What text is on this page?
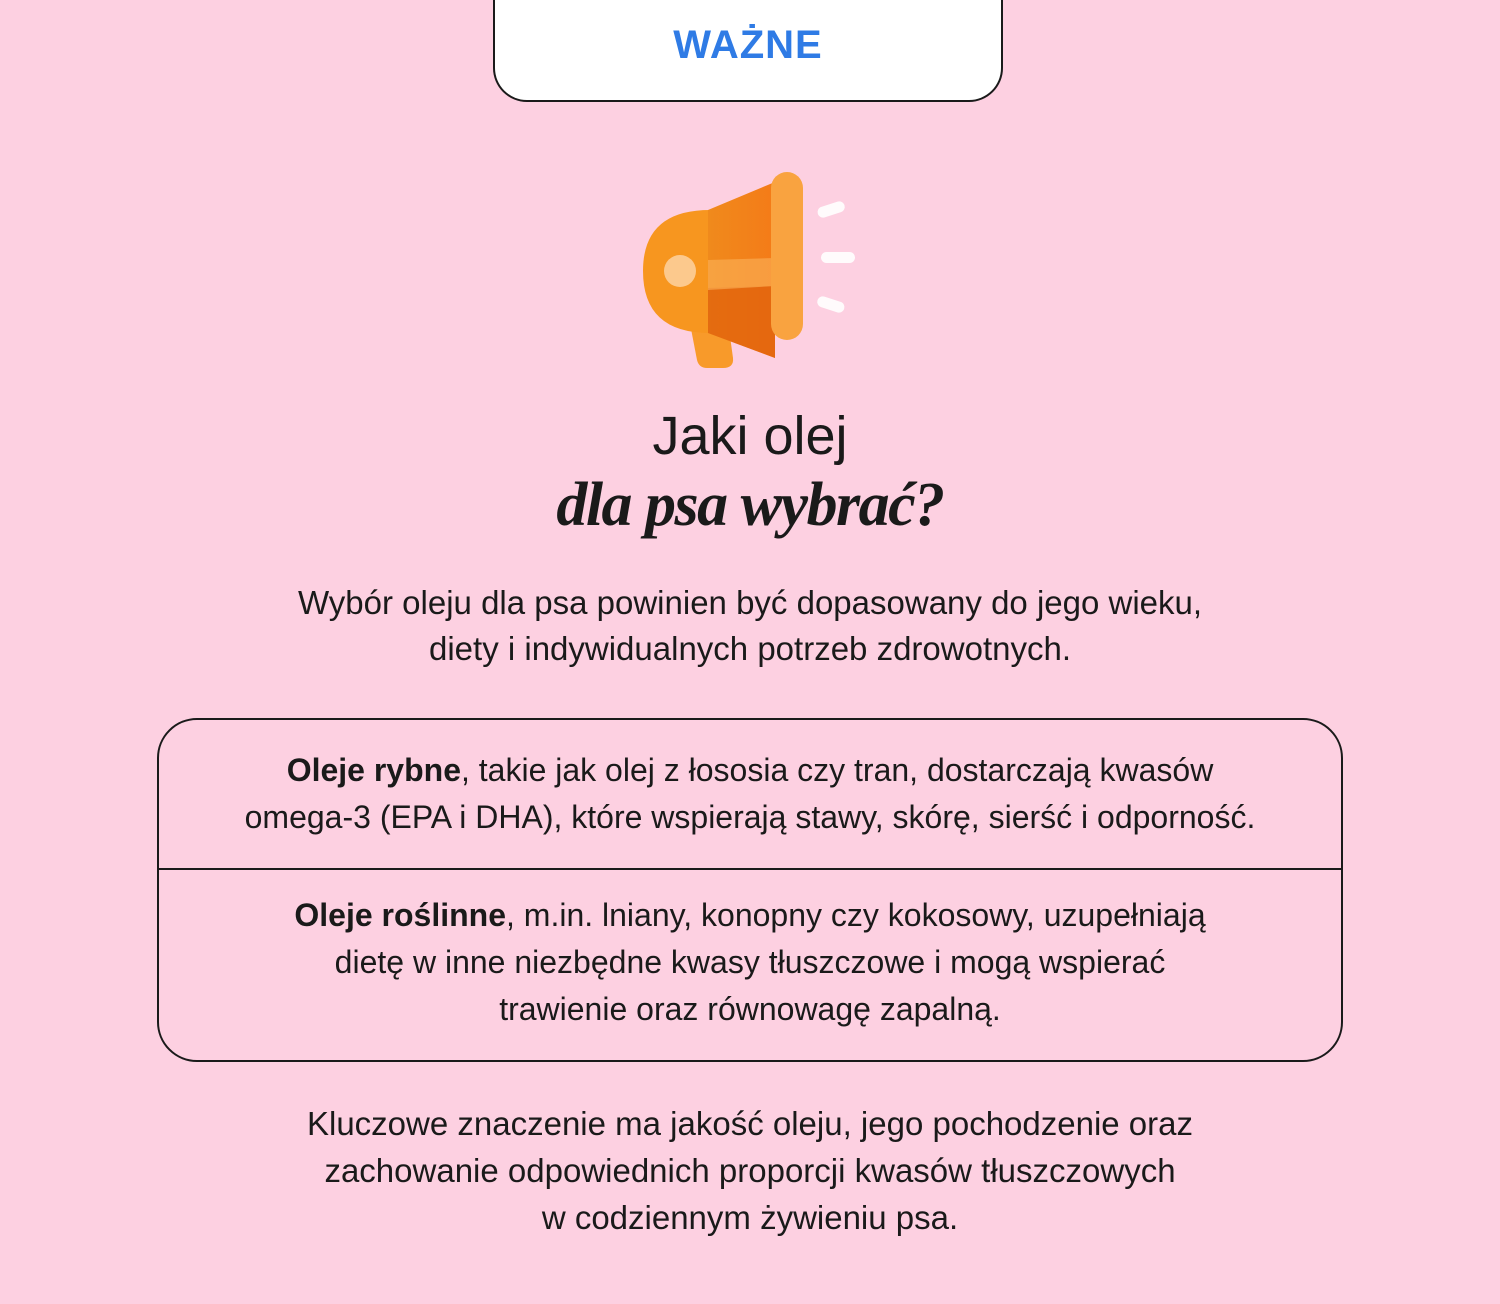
WAŻNE
Jaki olej
dla psa wybrać?
Wybór oleju dla psa powinien być dopasowany do jego wieku,
diety i indywidualnych potrzeb zdrowotnych.
Oleje rybne, takie jak olej z łososia czy tran, dostarczają kwasów
omega-3 (EPA i DHA), które wspierają stawy, skórę, sierść i odporność.
Oleje roślinne, m.in. lniany, konopny czy kokosowy, uzupełniają
dietę w inne niezbędne kwasy tłuszczowe i mogą wspierać
trawienie oraz równowagę zapalną.
Kluczowe znaczenie ma jakość oleju, jego pochodzenie oraz
zachowanie odpowiednich proporcji kwasów tłuszczowych
w codziennym żywieniu psa.
